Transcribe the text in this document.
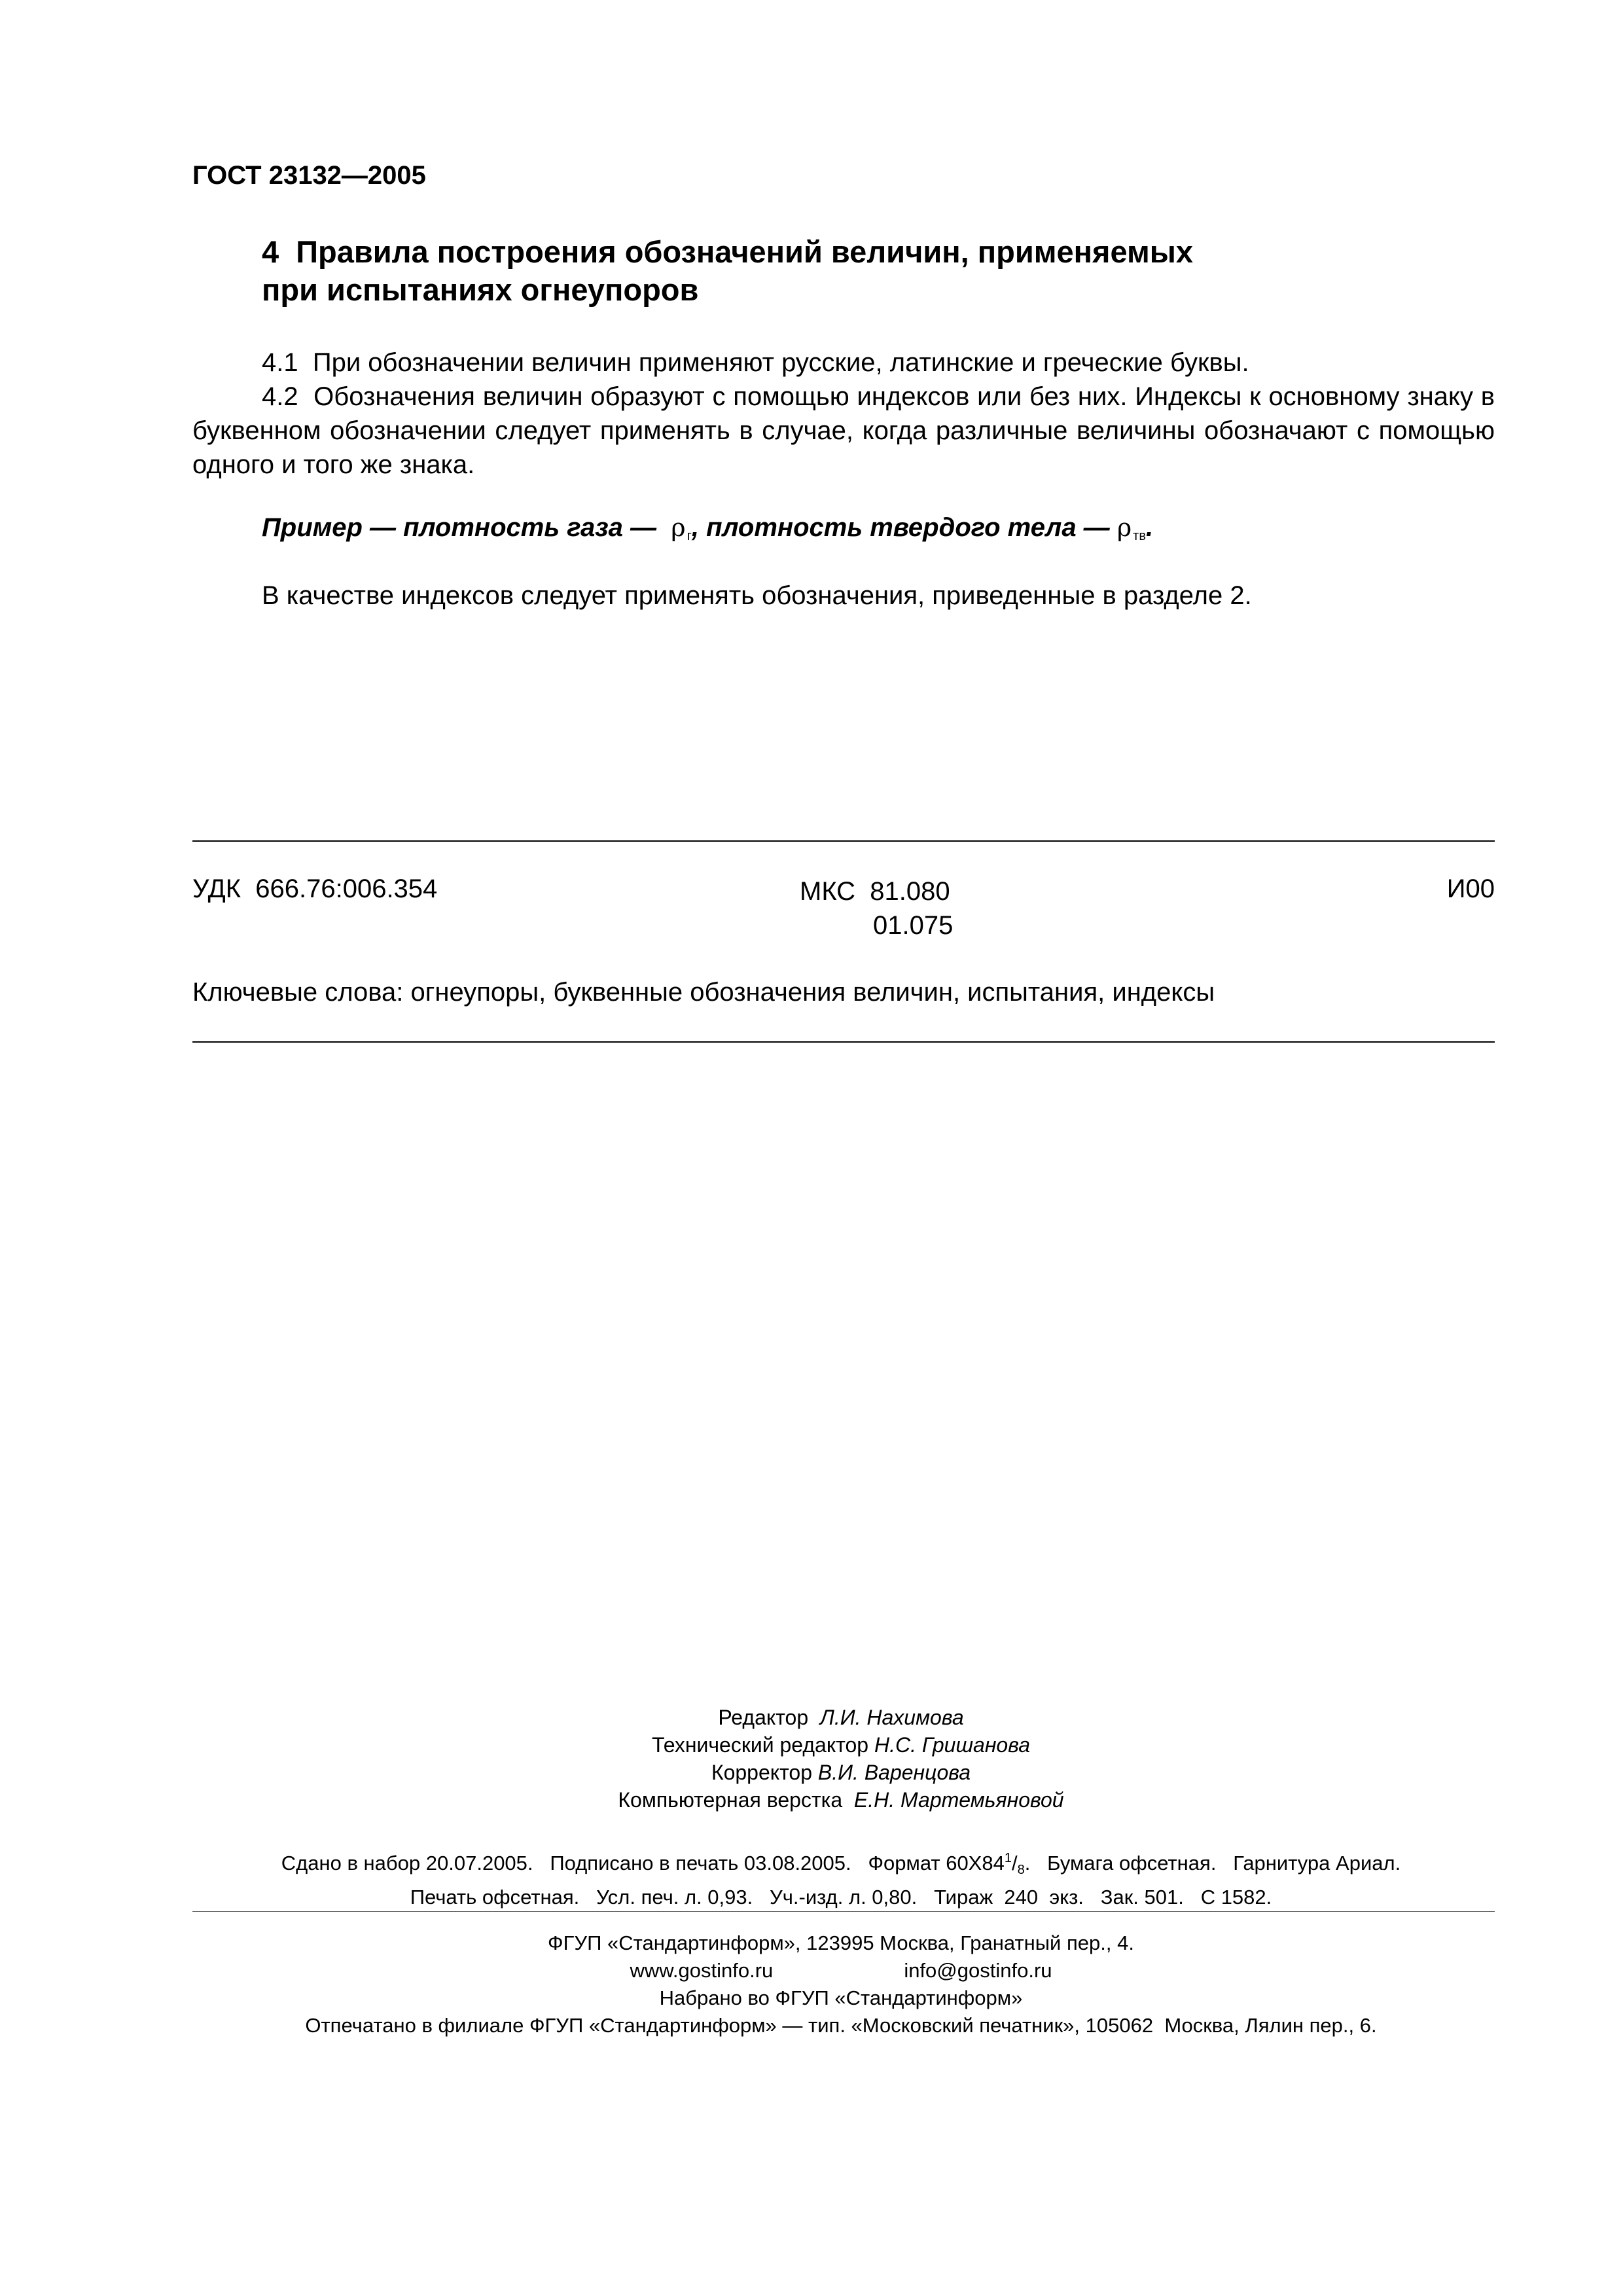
ГОСТ 23132—2005
4 Правила построения обозначений величин, применяемых
при испытаниях огнеупоров
4.1 При обозначении величин применяют русские, латинские и греческие буквы.
4.2 Обозначения величин образуют с помощью индексов или без них. Индексы к основному знаку в буквенном обозначении следует применять в случае, когда различные величины обозначают с помощью одного и того же знака.
Пример — плотность газа — ρ $_г$, плотность твердого тела — ρ $_{тв}$.
В качестве индексов следует применять обозначения, приведенные в разделе 2.
УДК 666.76:006.354	МКС 81.080
01.075
И00
Ключевые слова: огнеупоры, буквенные обозначения величин, испытания, индексы
Редактор Л.И. Нахимова
Технический редактор Н.С. Гришанова
Корректор В.И. Варенцова
Компьютерная верстка Е.Н. Мартемьяновой
Сдано в набор 20.07.2005.   Подписано в печать 03.08.2005.   Формат $60Х84^1/8$.   Бумага офсетная.   Гарнитура Ариал.
Печать офсетная.   Усл. печ. л. 0,93.   Уч.-изд. л. 0,80.   Тираж  240  экз.   Зак. 501.   С 1582.
ФГУП «Стандартинформ», 123995 Москва, Гранатный пер., 4.
www.gostinfo.ru	info@gostinfo.ru
Набрано во ФГУП «Стандартинформ»
Отпечатано в филиале ФГУП «Стандартинформ» — тип. «Московский печатник», 105062  Москва, Лялин пер., 6.
